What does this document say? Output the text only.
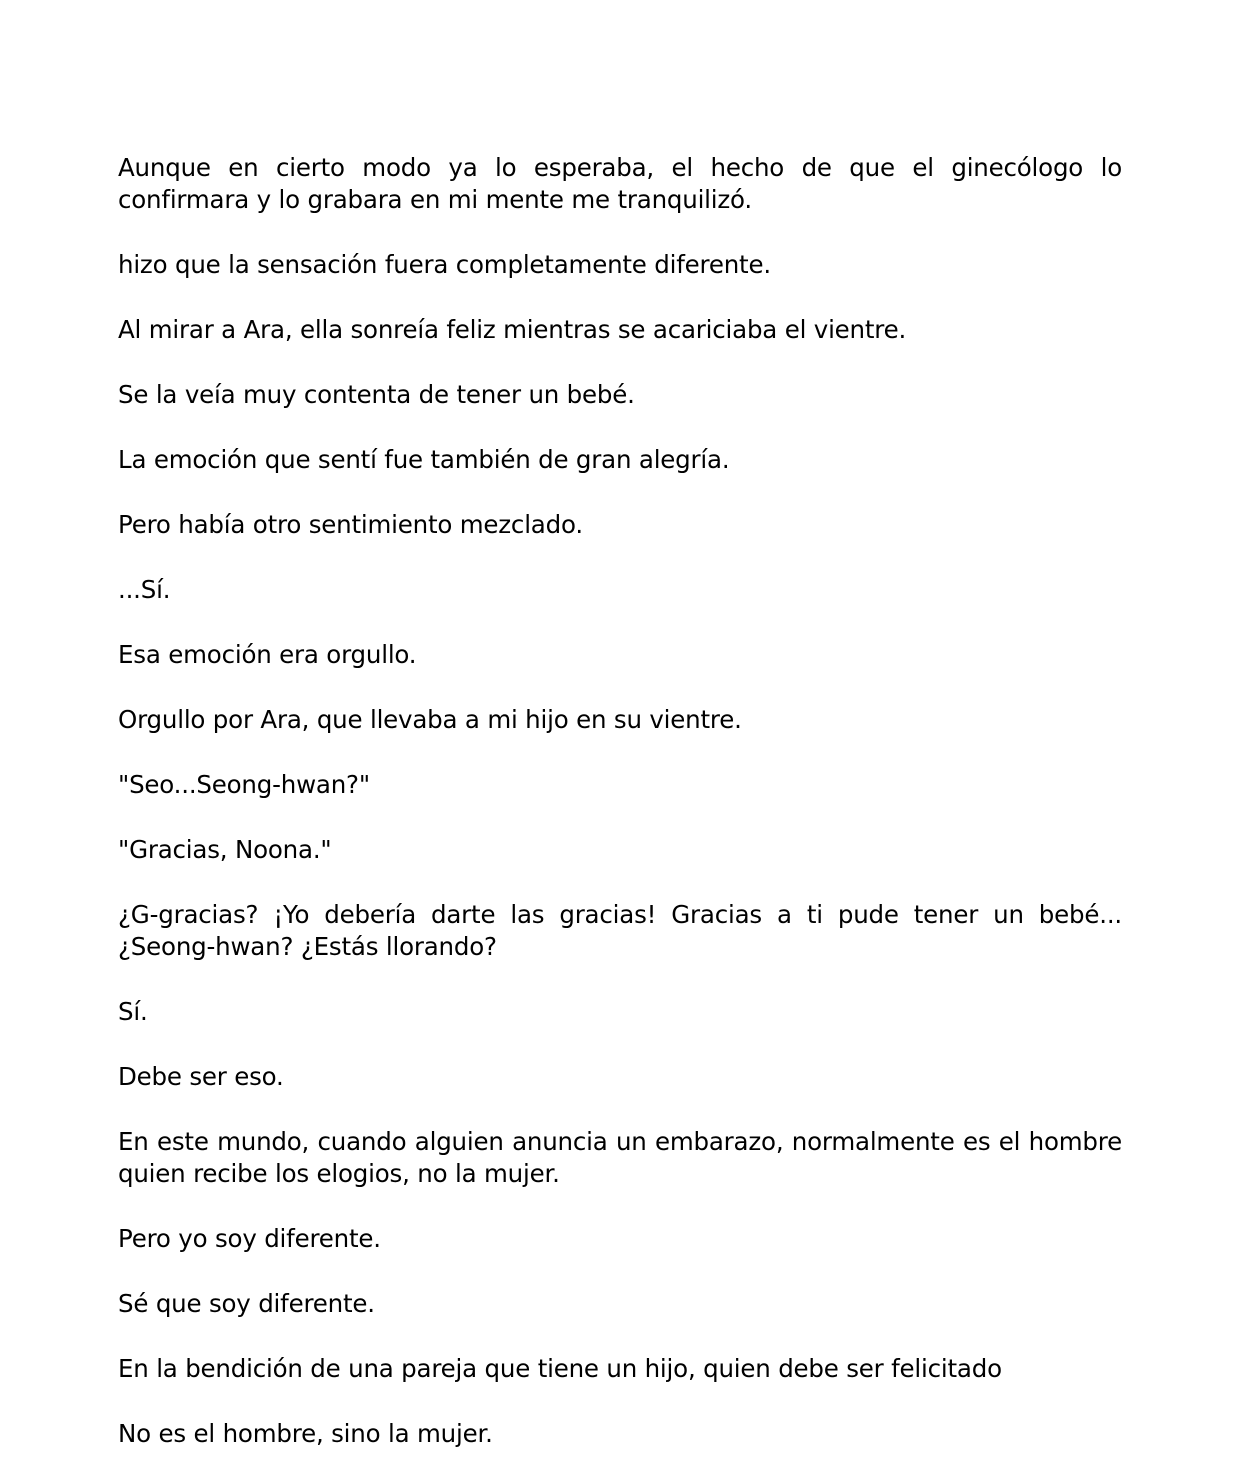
Aunque en cierto modo ya lo esperaba, el hecho de que el ginecólogo lo confirmara y lo grabara en mi mente me tranquilizó.

hizo que la sensación fuera completamente diferente.

Al mirar a Ara, ella sonreía feliz mientras se acariciaba el vientre.

Se la veía muy contenta de tener un bebé.

La emoción que sentí fue también de gran alegría.

Pero había otro sentimiento mezclado.

...Sí.

Esa emoción era orgullo.

Orgullo por Ara, que llevaba a mi hijo en su vientre.

"Seo...Seong-hwan?"

"Gracias, Noona."

¿G-gracias? ¡Yo debería darte las gracias! Gracias a ti pude tener un bebé... ¿Seong-hwan? ¿Estás llorando?

Sí.

Debe ser eso.

En este mundo, cuando alguien anuncia un embarazo, normalmente es el hombre quien recibe los elogios, no la mujer.

Pero yo soy diferente.

Sé que soy diferente.

En la bendición de una pareja que tiene un hijo, quien debe ser felicitado

No es el hombre, sino la mujer.
